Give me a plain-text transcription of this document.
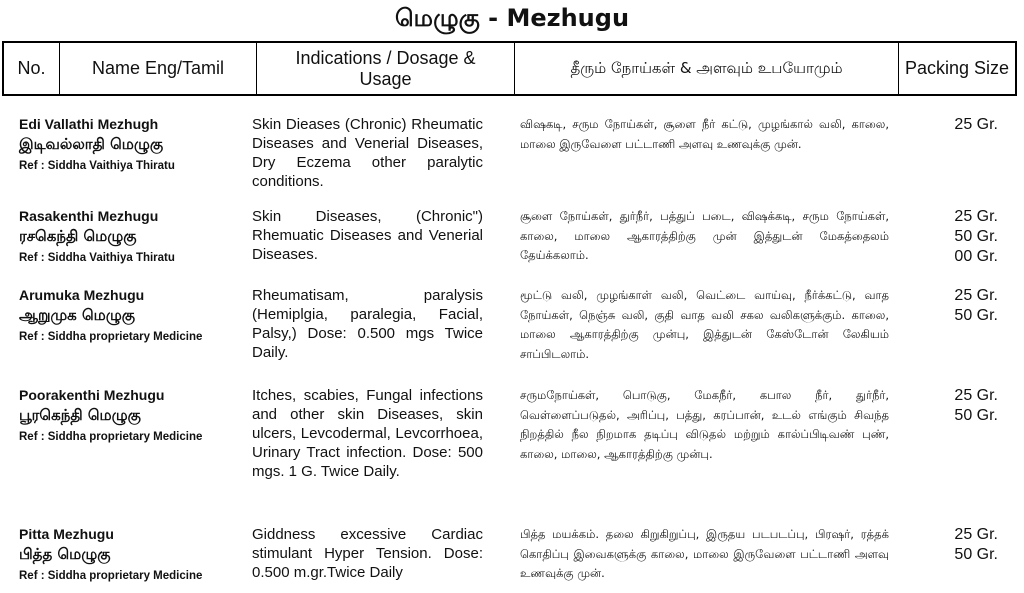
மெழுகு - Mezhugu
No.	Name Eng/Tamil
Indications / Dosage & Usage
தீரும் நோய்கள் & அளவும் உபயோமும்	Packing Size
Edi Vallathi Mezhugh
இடிவல்லாதி மெழுகு
Ref : Siddha Vaithiya Thiratu
Skin Dieases (Chronic) Rheumatic Diseases and Venerial Diseases, Dry Eczema other paralytic conditions.
விஷகடி, சரும நோய்கள், சூளை நீர் கட்டு, முழங்கால் வலி, காலை, மாலை இருவேளை பட்டாணி அளவு உணவுக்கு முன்.
25 Gr.
Rasakenthi Mezhugu
ரசகெந்தி மெழுகு
Ref : Siddha Vaithiya Thiratu
Skin Diseases, (Chronic") Rhemuatic Diseases and Venerial Diseases.
சூளை நோய்கள், துர்நீர், பத்துப் படை, விஷக்கடி, சரும நோய்கள், காலை, மாலை ஆகாரத்திற்கு முன் இத்துடன் மேகத்தைலம் தேய்க்கலாம்.
25 Gr.
50 Gr.
00 Gr.
Arumuka Mezhugu
ஆறுமுக மெழுகு
Ref : Siddha proprietary Medicine
Rheumatisam, paralysis (Hemiplgia, paralegia, Facial, Palsy,) Dose: 0.500 mgs Twice Daily.
மூட்டு வலி, முழங்காள் வலி, வெட்டை வாய்வு, நீர்க்கட்டு, வாத நோய்கள், நெஞ்சு வலி, குதி வாத வலி சகல வலிகளுக்கும். காலை, மாலை ஆகாரத்திற்கு முன்பு, இத்துடன் கேஸ்டோன் லேகியம் சாப்பிடலாம்.
25 Gr.
50 Gr.
Poorakenthi Mezhugu
பூரகெந்தி மெழுகு
Ref : Siddha proprietary Medicine
Itches, scabies, Fungal infections and other skin Diseases, skin ulcers, Levcodermal, Levcorrhoea, Urinary Tract infection. Dose: 500 mgs. 1 G. Twice Daily.
சருமநோய்கள், பொடுகு, மேகநீர், கபால நீர், துர்நீர், வெள்ளைப்படுதல், அரிப்பு, பத்து, கரப்பான், உடல் எங்கும் சிவந்த நிறத்தில் நீல நிறமாக தடிப்பு விடுதல் மற்றும் கால்ப்பிடிவண் புண், காலை, மாலை, ஆகாரத்திற்கு முன்பு.
25 Gr.
50 Gr.
Pitta Mezhugu
பித்த மெழுகு
Ref : Siddha proprietary Medicine
Giddness excessive Cardiac stimulant Hyper Tension. Dose: 0.500 m.gr.Twice Daily
பித்த மயக்கம். தலை கிறுகிறுப்பு, இருதய படபடப்பு, பிரஷர், ரத்தக் கொதிப்பு இவைகளுக்கு காலை, மாலை இருவேளை பட்டாணி அளவு உணவுக்கு முன்.
25 Gr.
50 Gr.
